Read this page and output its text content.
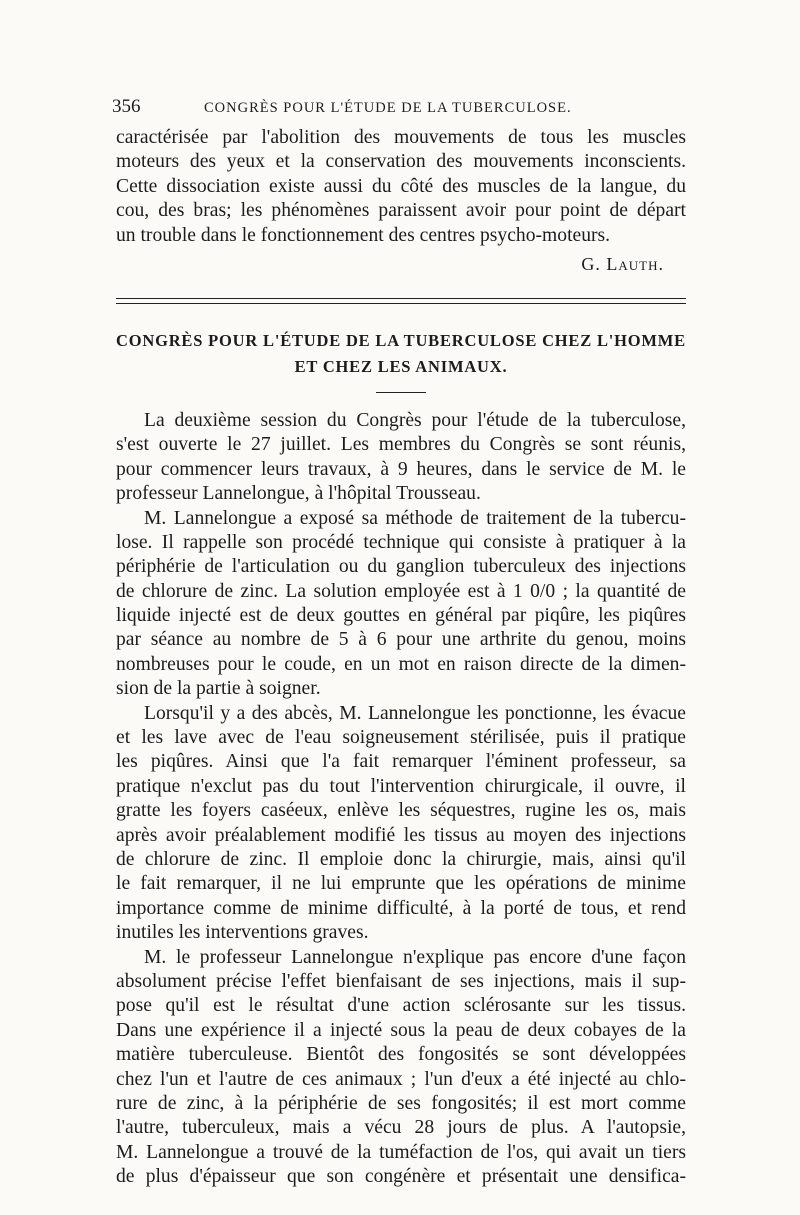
356	CONGRÈS POUR L'ÉTUDE DE LA TUBERCULOSE.
caractérisée par l'abolition des mouvements de tous les muscles
moteurs des yeux et la conservation des mouvements inconscients.
Cette dissociation existe aussi du côté des muscles de la langue, du
cou, des bras; les phénomènes paraissent avoir pour point de départ
un trouble dans le fonctionnement des centres psycho-moteurs.
G. Lauth.
CONGRÈS POUR L'ÉTUDE DE LA TUBERCULOSE CHEZ L'HOMME
ET CHEZ LES ANIMAUX.
La deuxième session du Congrès pour l'étude de la tuberculose,
s'est ouverte le 27 juillet. Les membres du Congrès se sont réunis,
pour commencer leurs travaux, à 9 heures, dans le service de M. le
professeur Lannelongue, à l'hôpital Trousseau.
M. Lannelongue a exposé sa méthode de traitement de la tubercu-
lose. Il rappelle son procédé technique qui consiste à pratiquer à la
périphérie de l'articulation ou du ganglion tuberculeux des injections
de chlorure de zinc. La solution employée est à 1 0/0 ; la quantité de
liquide injecté est de deux gouttes en général par piqûre, les piqûres
par séance au nombre de 5 à 6 pour une arthrite du genou, moins
nombreuses pour le coude, en un mot en raison directe de la dimen-
sion de la partie à soigner.
Lorsqu'il y a des abcès, M. Lannelongue les ponctionne, les évacue
et les lave avec de l'eau soigneusement stérilisée, puis il pratique
les piqûres. Ainsi que l'a fait remarquer l'éminent professeur, sa
pratique n'exclut pas du tout l'intervention chirurgicale, il ouvre, il
gratte les foyers caséeux, enlève les séquestres, rugine les os, mais
après avoir préalablement modifié les tissus au moyen des injections
de chlorure de zinc. Il emploie donc la chirurgie, mais, ainsi qu'il
le fait remarquer, il ne lui emprunte que les opérations de minime
importance comme de minime difficulté, à la porté de tous, et rend
inutiles les interventions graves.
M. le professeur Lannelongue n'explique pas encore d'une façon
absolument précise l'effet bienfaisant de ses injections, mais il sup-
pose qu'il est le résultat d'une action sclérosante sur les tissus.
Dans une expérience il a injecté sous la peau de deux cobayes de la
matière tuberculeuse. Bientôt des fongosités se sont développées
chez l'un et l'autre de ces animaux ; l'un d'eux a été injecté au chlo-
rure de zinc, à la périphérie de ses fongosités; il est mort comme
l'autre, tuberculeux, mais a vécu 28 jours de plus. A l'autopsie,
M. Lannelongue a trouvé de la tuméfaction de l'os, qui avait un tiers
de plus d'épaisseur que son congénère et présentait une densifica-
